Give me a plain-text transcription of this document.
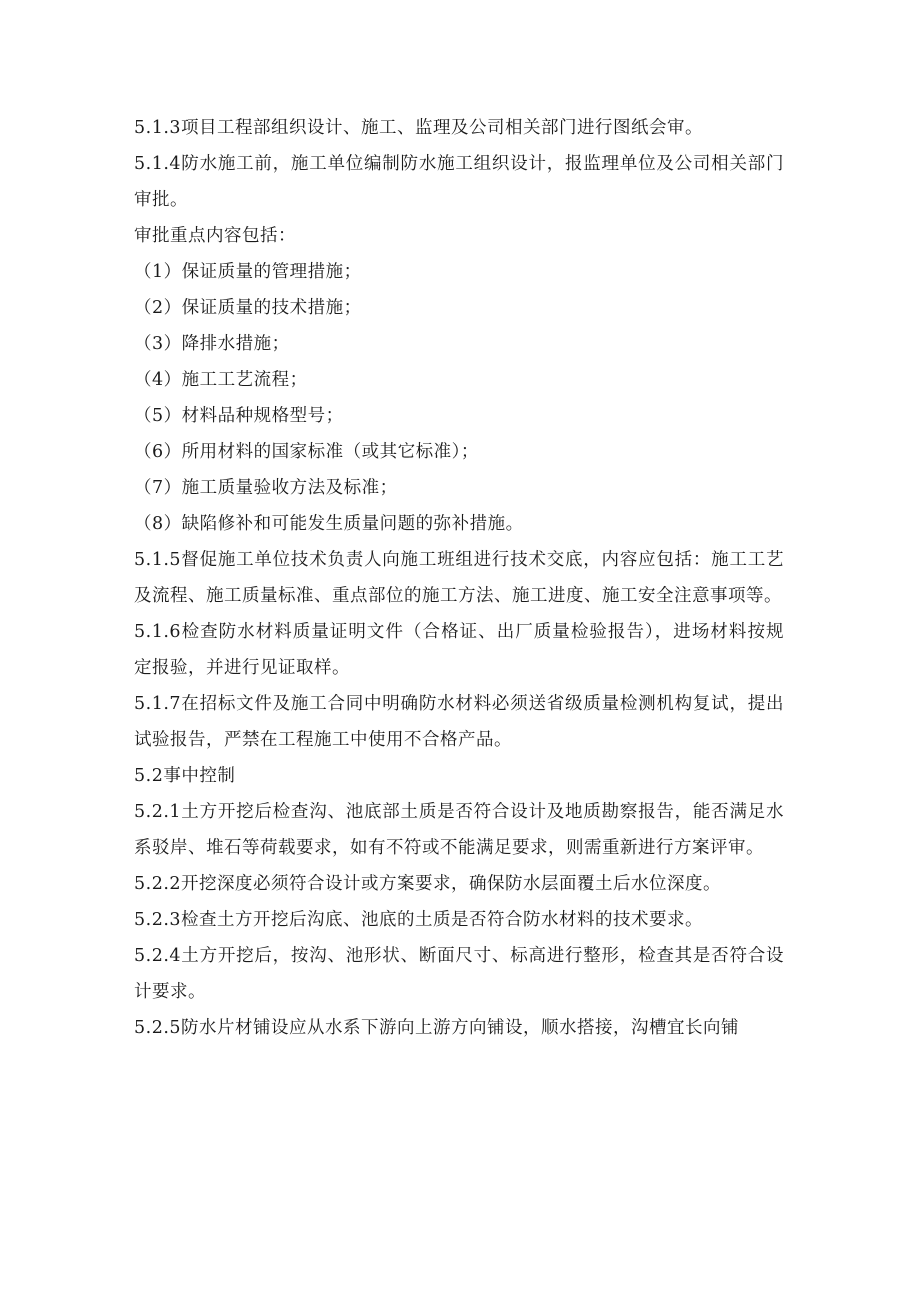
5.1.3项目工程部组织设计、施工、监理及公司相关部门进行图纸会审。

5.1.4防水施工前，施工单位编制防水施工组织设计，报监理单位及公司相关部门审批。

审批重点内容包括：

（1）保证质量的管理措施；

（2）保证质量的技术措施；

（3）降排水措施；

（4）施工工艺流程；

（5）材料品种规格型号；

（6）所用材料的国家标准（或其它标准）；

（7）施工质量验收方法及标准；

（8）缺陷修补和可能发生质量问题的弥补措施。

5.1.5督促施工单位技术负责人向施工班组进行技术交底，内容应包括：施工工艺及流程、施工质量标准、重点部位的施工方法、施工进度、施工安全注意事项等。

5.1.6检查防水材料质量证明文件（合格证、出厂质量检验报告），进场材料按规定报验，并进行见证取样。

5.1.7在招标文件及施工合同中明确防水材料必须送省级质量检测机构复试，提出试验报告，严禁在工程施工中使用不合格产品。

5.2事中控制

5.2.1土方开挖后检查沟、池底部土质是否符合设计及地质勘察报告，能否满足水系驳岸、堆石等荷载要求，如有不符或不能满足要求，则需重新进行方案评审。

5.2.2开挖深度必须符合设计或方案要求，确保防水层面覆土后水位深度。

5.2.3检查土方开挖后沟底、池底的土质是否符合防水材料的技术要求。

5.2.4土方开挖后，按沟、池形状、断面尺寸、标高进行整形，检查其是否符合设计要求。

5.2.5防水片材铺设应从水系下游向上游方向铺设，顺水搭接，沟槽宜长向铺
